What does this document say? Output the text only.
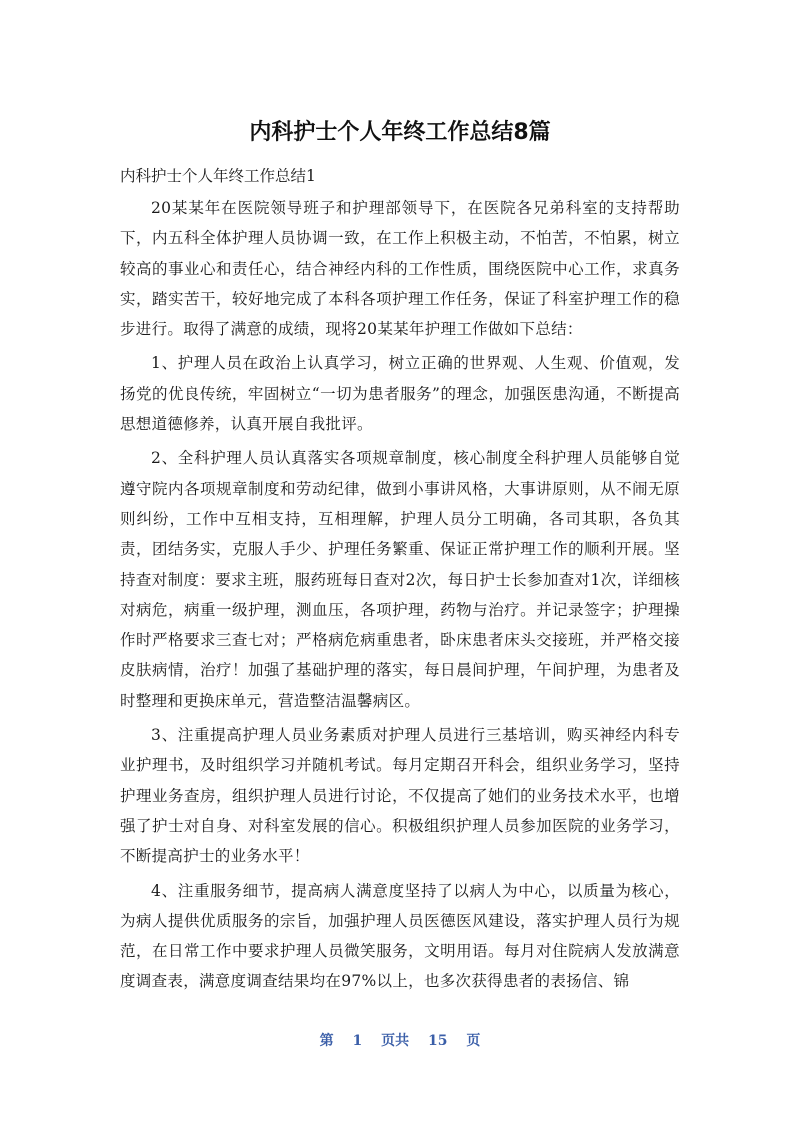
内科护士个人年终工作总结8篇
内科护士个人年终工作总结1

20某某年在医院领导班子和护理部领导下，在医院各兄弟科室的支持帮助下，内五科全体护理人员协调一致，在工作上积极主动，不怕苦，不怕累，树立较高的事业心和责任心，结合神经内科的工作性质，围绕医院中心工作，求真务实，踏实苦干，较好地完成了本科各项护理工作任务，保证了科室护理工作的稳步进行。取得了满意的成绩，现将20某某年护理工作做如下总结：

1、护理人员在政治上认真学习，树立正确的世界观、人生观、价值观，发扬党的优良传统，牢固树立“一切为患者服务”的理念，加强医患沟通，不断提高思想道德修养，认真开展自我批评。

2、全科护理人员认真落实各项规章制度，核心制度全科护理人员能够自觉遵守院内各项规章制度和劳动纪律，做到小事讲风格，大事讲原则，从不闹无原则纠纷，工作中互相支持，互相理解，护理人员分工明确，各司其职，各负其责，团结务实，克服人手少、护理任务繁重、保证正常护理工作的顺利开展。坚持查对制度：要求主班，服药班每日查对2次，每日护士长参加查对1次，详细核对病危，病重一级护理，测血压，各项护理，药物与治疗。并记录签字；护理操作时严格要求三查七对；严格病危病重患者，卧床患者床头交接班，并严格交接皮肤病情，治疗！加强了基础护理的落实，每日晨间护理，午间护理，为患者及时整理和更换床单元，营造整洁温馨病区。

3、注重提高护理人员业务素质对护理人员进行三基培训，购买神经内科专业护理书，及时组织学习并随机考试。每月定期召开科会，组织业务学习，坚持护理业务查房，组织护理人员进行讨论，不仅提高了她们的业务技术水平，也增强了护士对自身、对科室发展的信心。积极组织护理人员参加医院的业务学习，不断提高护士的业务水平！

4、注重服务细节，提高病人满意度坚持了以病人为中心，以质量为核心，为病人提供优质服务的宗旨，加强护理人员医德医风建设，落实护理人员行为规范，在日常工作中要求护理人员微笑服务，文明用语。每月对住院病人发放满意度调查表，满意度调查结果均在97%以上，也多次获得患者的表扬信、锦

第 1 页共 15 页
